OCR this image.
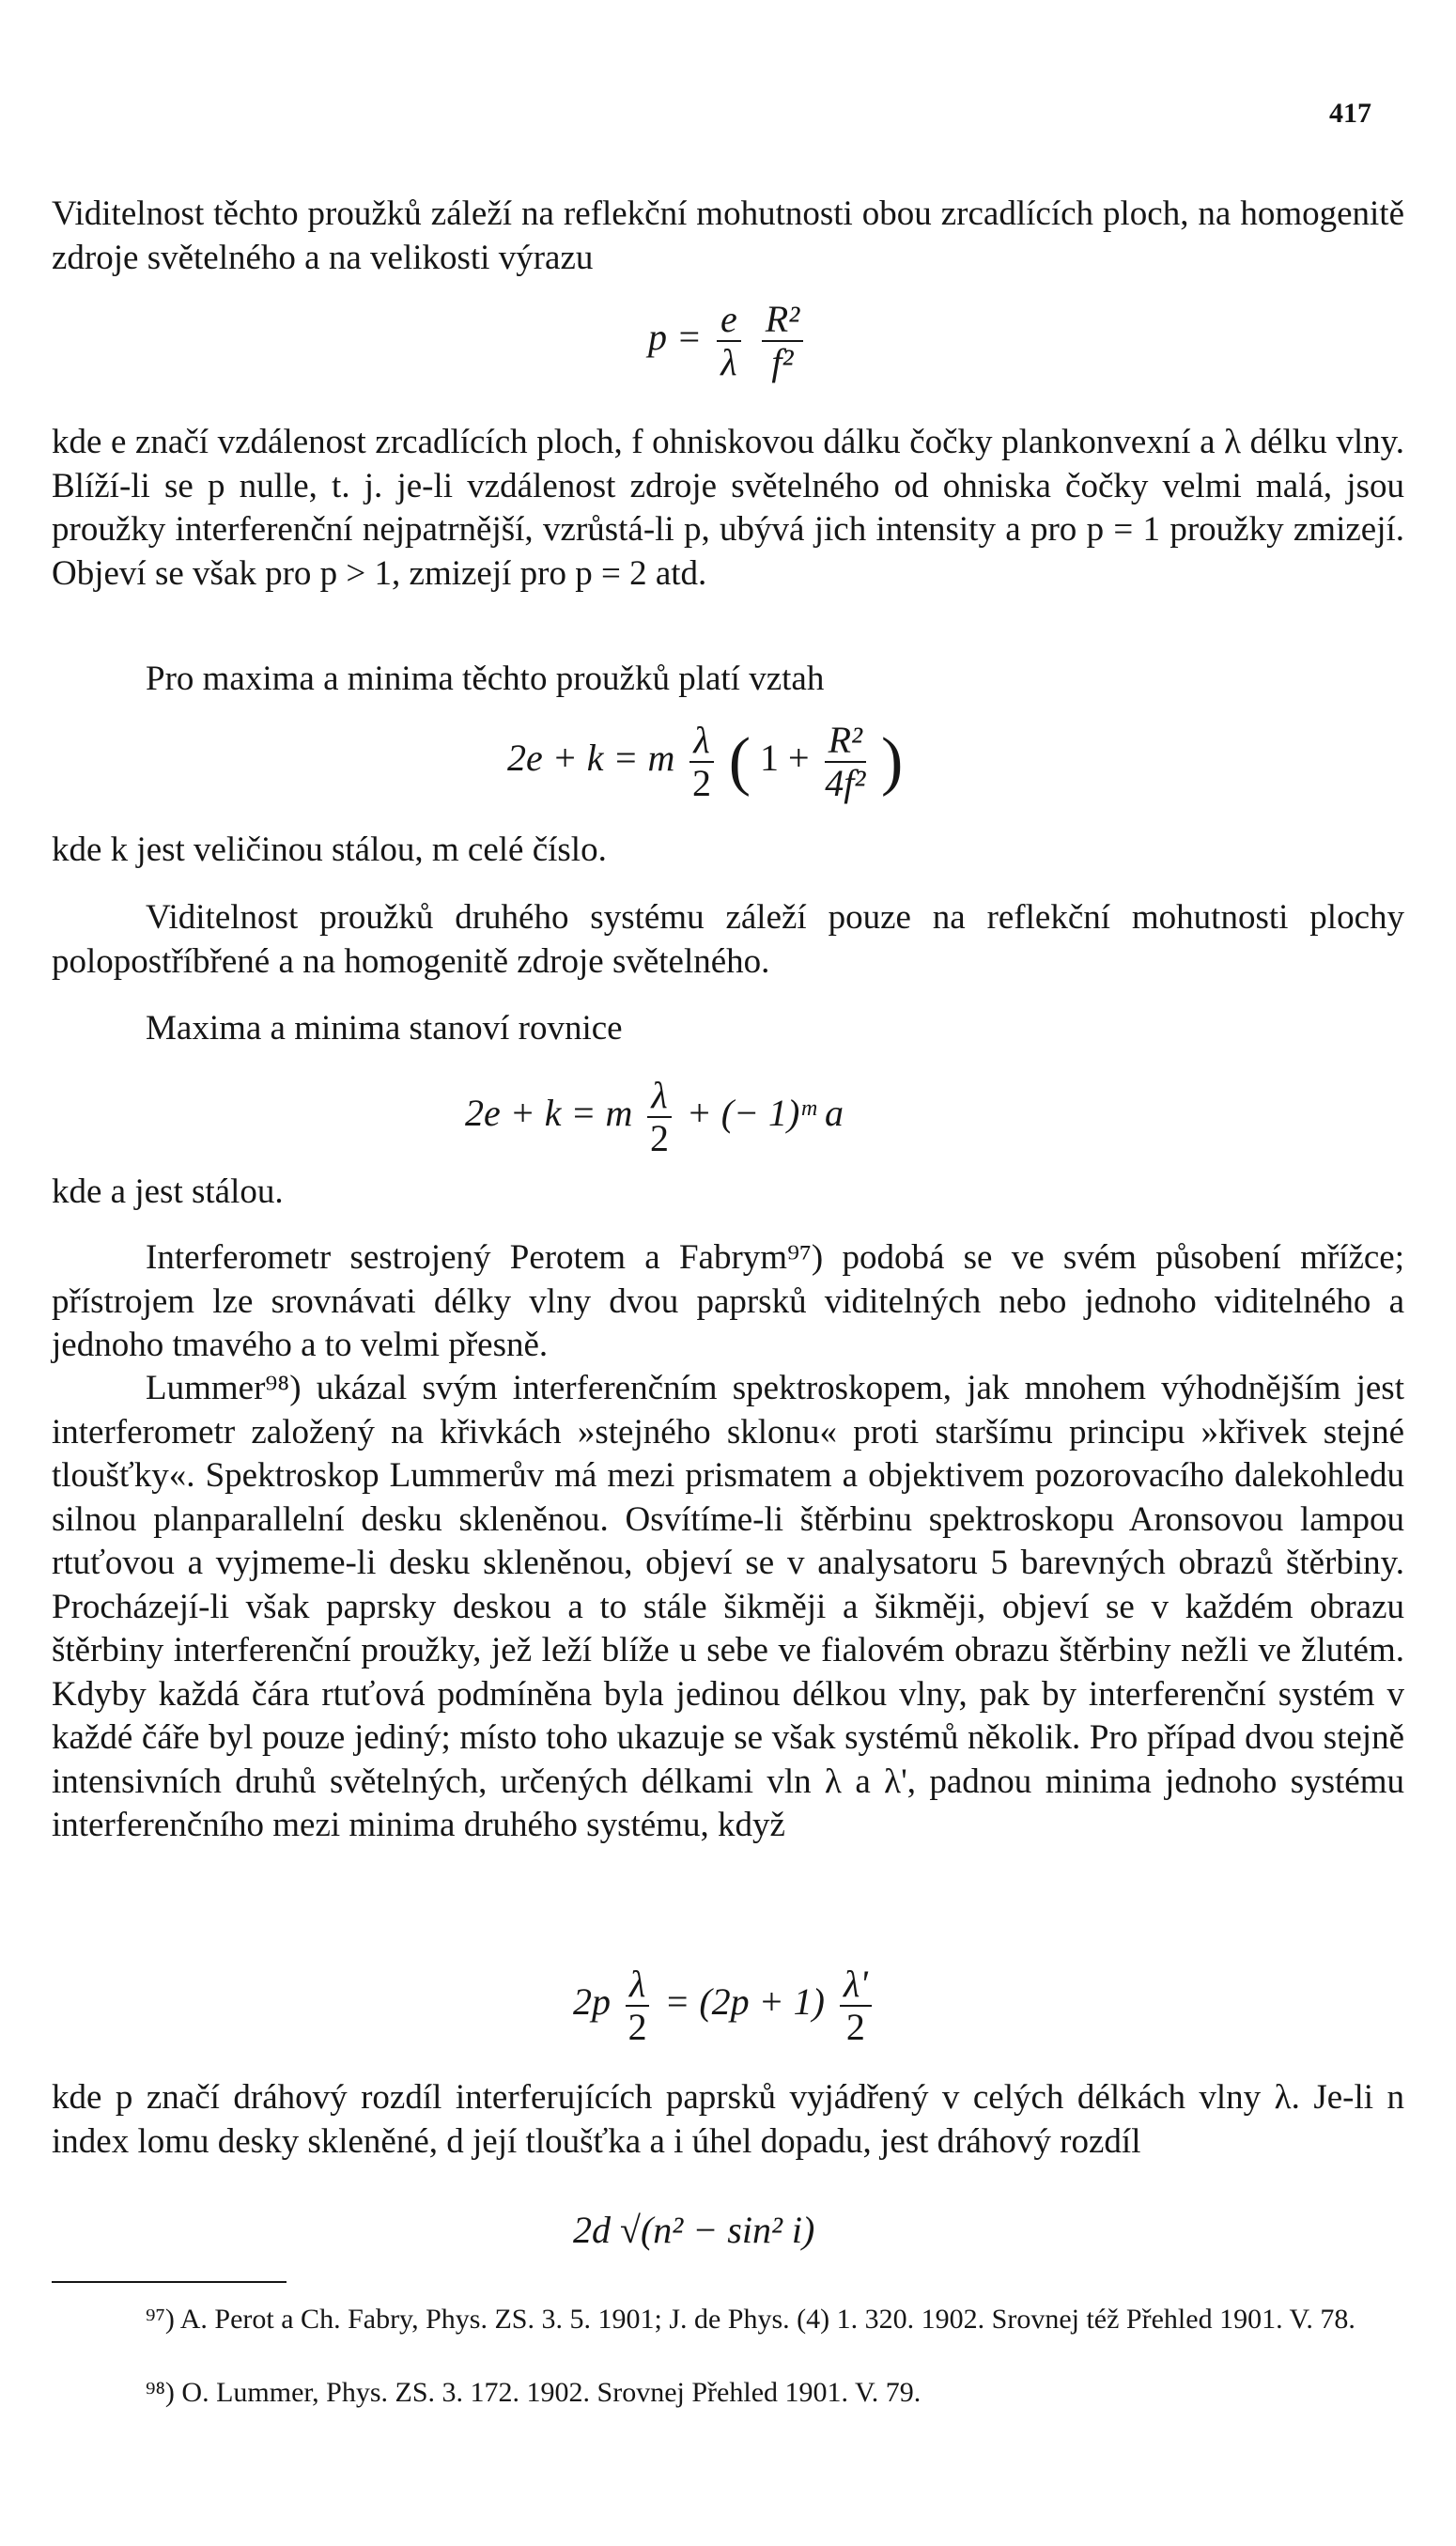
417

Viditelnost těchto proužků záleží na reflekční mohutnosti obou zrcadlících ploch, na homogenitě zdroje světelného a na velikosti výrazu

$p = \frac{e}{\lambda}$
$\frac{\text{R²}}{\text{f²}}$

kde e značí vzdálenost zrcadlících ploch, f ohniskovou dálku čočky plankonvexní a λ délku vlny. Blíží-li se p nulle, t. j. je-li vzdálenost zdroje světelného od ohniska čočky velmi malá, jsou proužky interferenční nejpatrnější, vzrůstá-li p, ubývá jich intensity a pro p = 1 proužky zmizejí. Objeví se však pro p > 1, zmizejí pro p = 2 atd.

Pro maxima a minima těchto proužků platí vztah

2e + k = m $\frac{\lambda}{2}$ ( $1 + \frac{\text{R²}}{\text{4f²}}$ )

kde k jest veličinou stálou, m celé číslo.

Viditelnost proužků druhého systému záleží pouze na reflekční mohutnosti plochy polopostříbřené a na homogenitě zdroje světelného.

Maxima a minima stanoví rovnice

2e + k = m $\frac{\lambda}{2}$ + (− 1)ᵐ a

kde a jest stálou.

Interferometr sestrojený Perotem a Fabrym⁹⁷) podobá se ve svém působení mřížce; přístrojem lze srovnávati délky vlny dvou paprsků viditelných nebo jednoho viditelného a jednoho tmavého a to velmi přesně.

Lummer⁹⁸) ukázal svým interferenčním spektroskopem, jak mnohem výhodnějším jest interferometr založený na křivkách »stejného sklonu« proti staršímu principu »křivek stejné tloušťky«. Spektroskop Lummerův má mezi prismatem a objektivem pozorovacího dalekohledu silnou planparallelní desku skleněnou. Osvítíme-li štěrbinu spektroskopu Aronsovou lampou rtuťovou a vyjmeme-li desku skleněnou, objeví se v analysatoru 5 barevných obrazů štěrbiny. Procházejí-li však paprsky deskou a to stále šikměji a šikměji, objeví se v každém obrazu štěrbiny interferenční proužky, jež leží blíže u sebe ve fialovém obrazu štěrbiny nežli ve žlutém. Kdyby každá čára rtuťová podmíněna byla jedinou délkou vlny, pak by interferenční systém v každé čáře byl pouze jediný; místo toho ukazuje se však systémů několik. Pro případ dvou stejně intensivních druhů světelných, určených délkami vln λ a λ', padnou minima jednoho systému interferenčního mezi minima druhého systému, když

$2p \frac{\lambda}{2} = (2p + 1) \frac{\lambda'}{2}$

kde p značí dráhový rozdíl interferujících paprsků vyjádřený v celých délkách vlny λ. Je-li n index lomu desky skleněné, d její tloušťka a i úhel dopadu, jest dráhový rozdíl

2d √(n² − sin² i)

⁹⁷) A. Perot a Ch. Fabry, Phys. ZS. 3. 5. 1901; J. de Phys. (4) 1. 320. 1902. Srovnej též Přehled 1901. V. 78.

⁹⁸) O. Lummer, Phys. ZS. 3. 172. 1902. Srovnej Přehled 1901. V. 79.
